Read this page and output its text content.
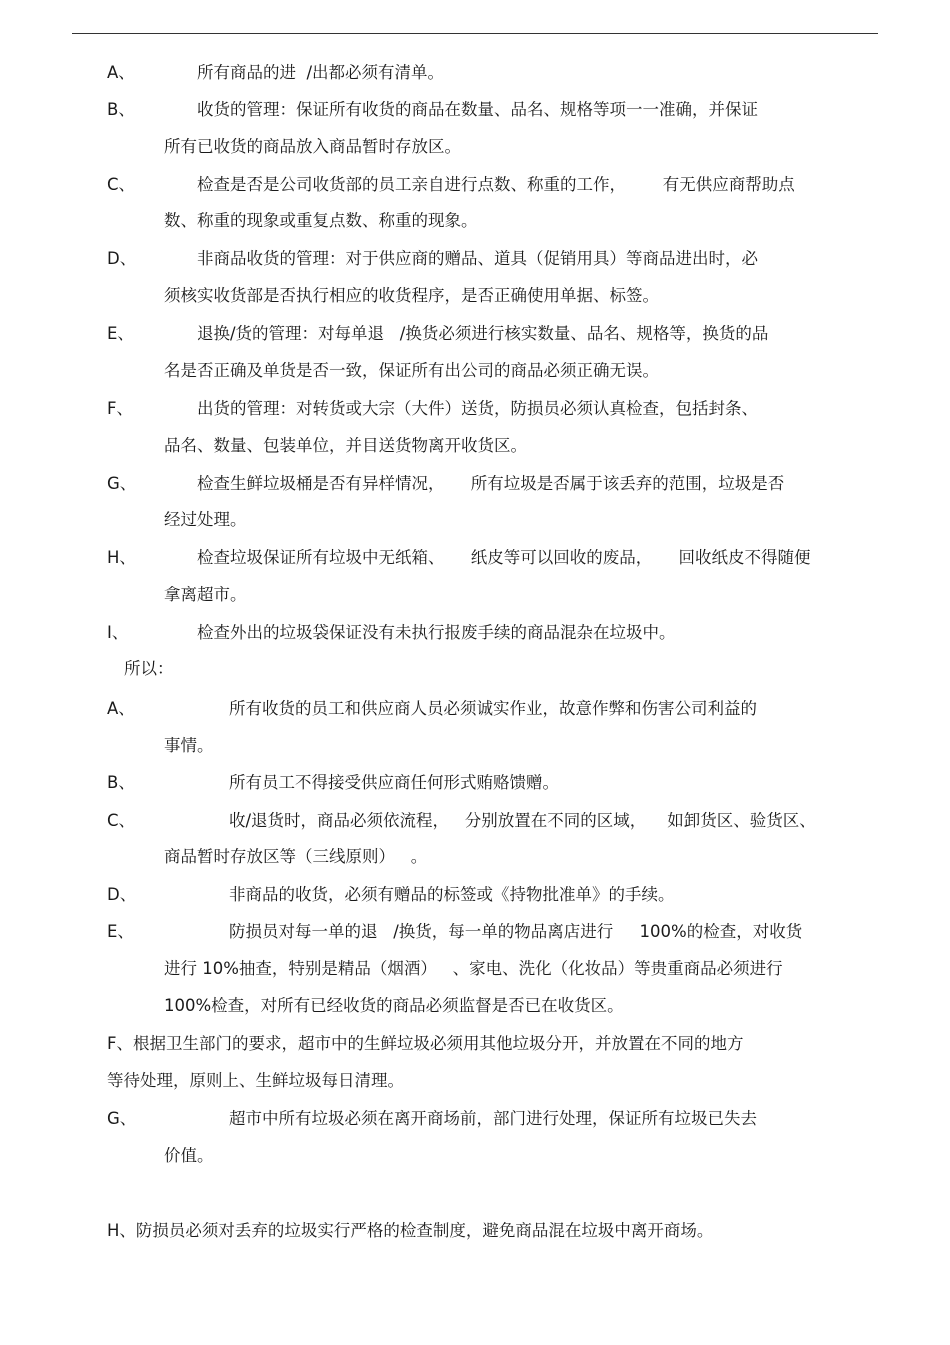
A、	所有商品的进  /出都必须有清单。
B、	收货的管理：保证所有收货的商品在数量、品名、规格等项一一准确，并保证
所有已收货的商品放入商品暂时存放区。
C、	检查是否是公司收货部的员工亲自进行点数、称重的工作，       有无供应商帮助点
数、称重的现象或重复点数、称重的现象。
D、	非商品收货的管理：对于供应商的赠品、道具（促销用具）等商品进出时，必
须核实收货部是否执行相应的收货程序，是否正确使用单据、标签。
E、	退换/货的管理：对每单退   /换货必须进行核实数量、品名、规格等，换货的品
名是否正确及单货是否一致，保证所有出公司的商品必须正确无误。
F、	出货的管理：对转货或大宗（大件）送货，防损员必须认真检查，包括封条、
品名、数量、包装单位，并目送货物离开收货区。
G、	检查生鲜垃圾桶是否有异样情况，     所有垃圾是否属于该丢弃的范围，垃圾是否
经过处理。
H、	检查垃圾保证所有垃圾中无纸箱、     纸皮等可以回收的废品，     回收纸皮不得随便
拿离超市。
I、	检查外出的垃圾袋保证没有未执行报废手续的商品混杂在垃圾中。
所以：
A、	所有收货的员工和供应商人员必须诚实作业，故意作弊和伤害公司利益的
事情。
B、	所有员工不得接受供应商任何形式贿赂馈赠。
C、	收/退货时，商品必须依流程，   分别放置在不同的区域，    如卸货区、验货区、
商品暂时存放区等（三线原则）   。
D、	非商品的收货，必须有赠品的标签或《持物批准单》的手续。
E、	防损员对每一单的退   /换货，每一单的物品离店进行     100%的检查，对收货
进行 10%抽查，特别是精品（烟酒）   、家电、洗化（化妆品）等贵重商品必须进行
100%检查，对所有已经收货的商品必须监督是否已在收货区。
F、根据卫生部门的要求，超市中的生鲜垃圾必须用其他垃圾分开，并放置在不同的地方
等待处理，原则上、生鲜垃圾每日清理。
G、	超市中所有垃圾必须在离开商场前，部门进行处理，保证所有垃圾已失去
价值。
H、防损员必须对丢弃的垃圾实行严格的检查制度，避免商品混在垃圾中离开商场。
